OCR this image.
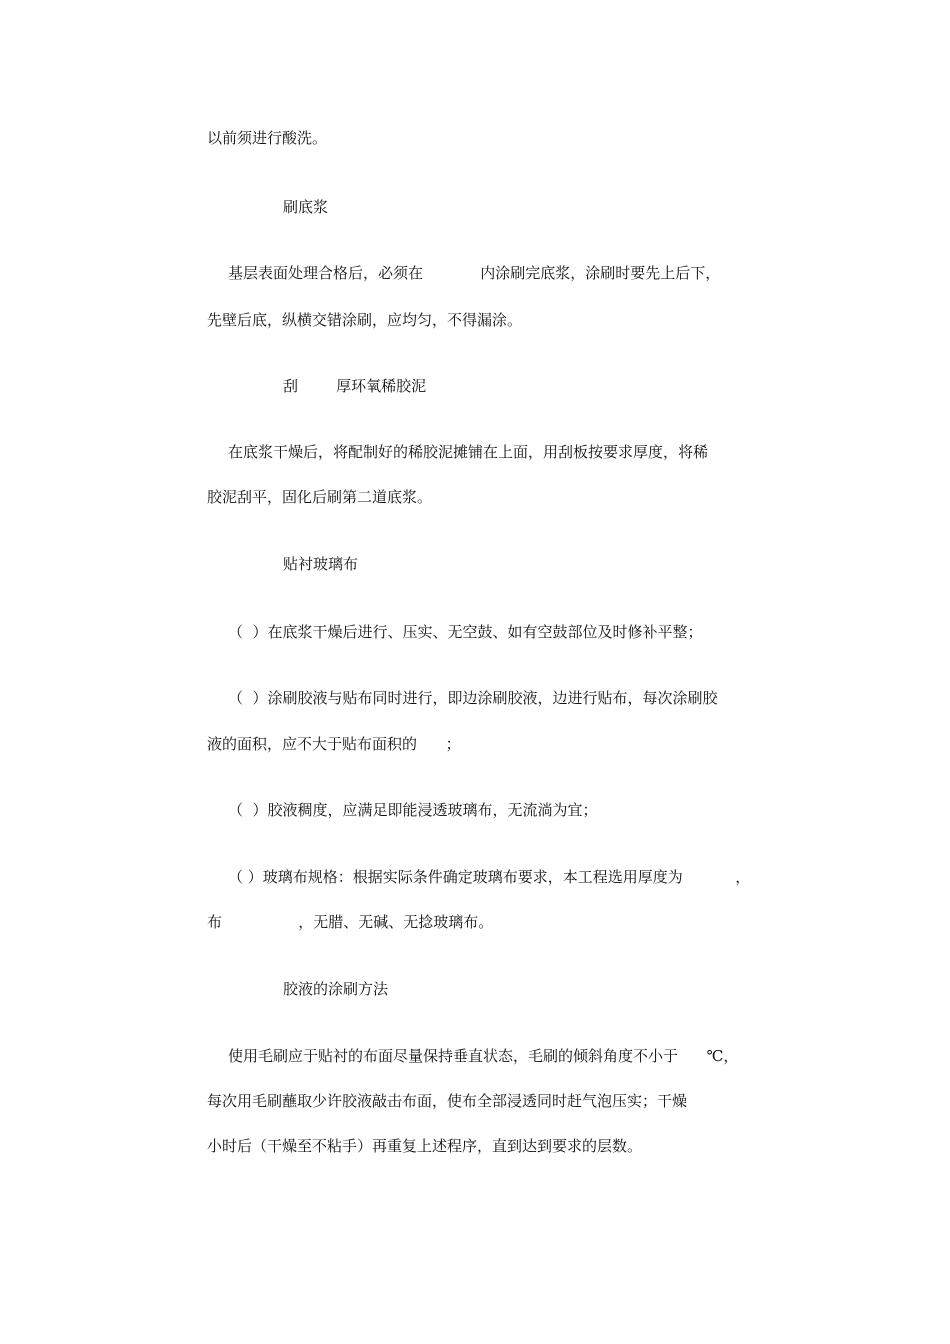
以前须进行酸洗。

刷底浆

基层表面处理合格后，必须在            内涂刷完底浆，涂刷时要先上后下，

先壁后底，纵横交错涂刷，应均匀，不得漏涂。

刮        厚环氧稀胶泥

在底浆干燥后，将配制好的稀胶泥摊铺在上面，用刮板按要求厚度，将稀

胶泥刮平，固化后刷第二道底浆。

贴衬玻璃布

（  ）在底浆干燥后进行、压实、无空鼓、如有空鼓部位及时修补平整；

（  ）涂刷胶液与贴布同时进行，即边涂刷胶液，边进行贴布，每次涂刷胶

液的面积，应不大于贴布面积的      ；

（  ）胶液稠度，应满足即能浸透玻璃布，无流淌为宜；

（ ）玻璃布规格：根据实际条件确定玻璃布要求，本工程选用厚度为           ，

布                ，无腊、无碱、无捻玻璃布。

胶液的涂刷方法

使用毛刷应于贴衬的布面尽量保持垂直状态，毛刷的倾斜角度不小于      ℃，

每次用毛刷蘸取少许胶液敲击布面，使布全部浸透同时赶气泡压实；干燥

小时后（干燥至不粘手）再重复上述程序，直到达到要求的层数。
